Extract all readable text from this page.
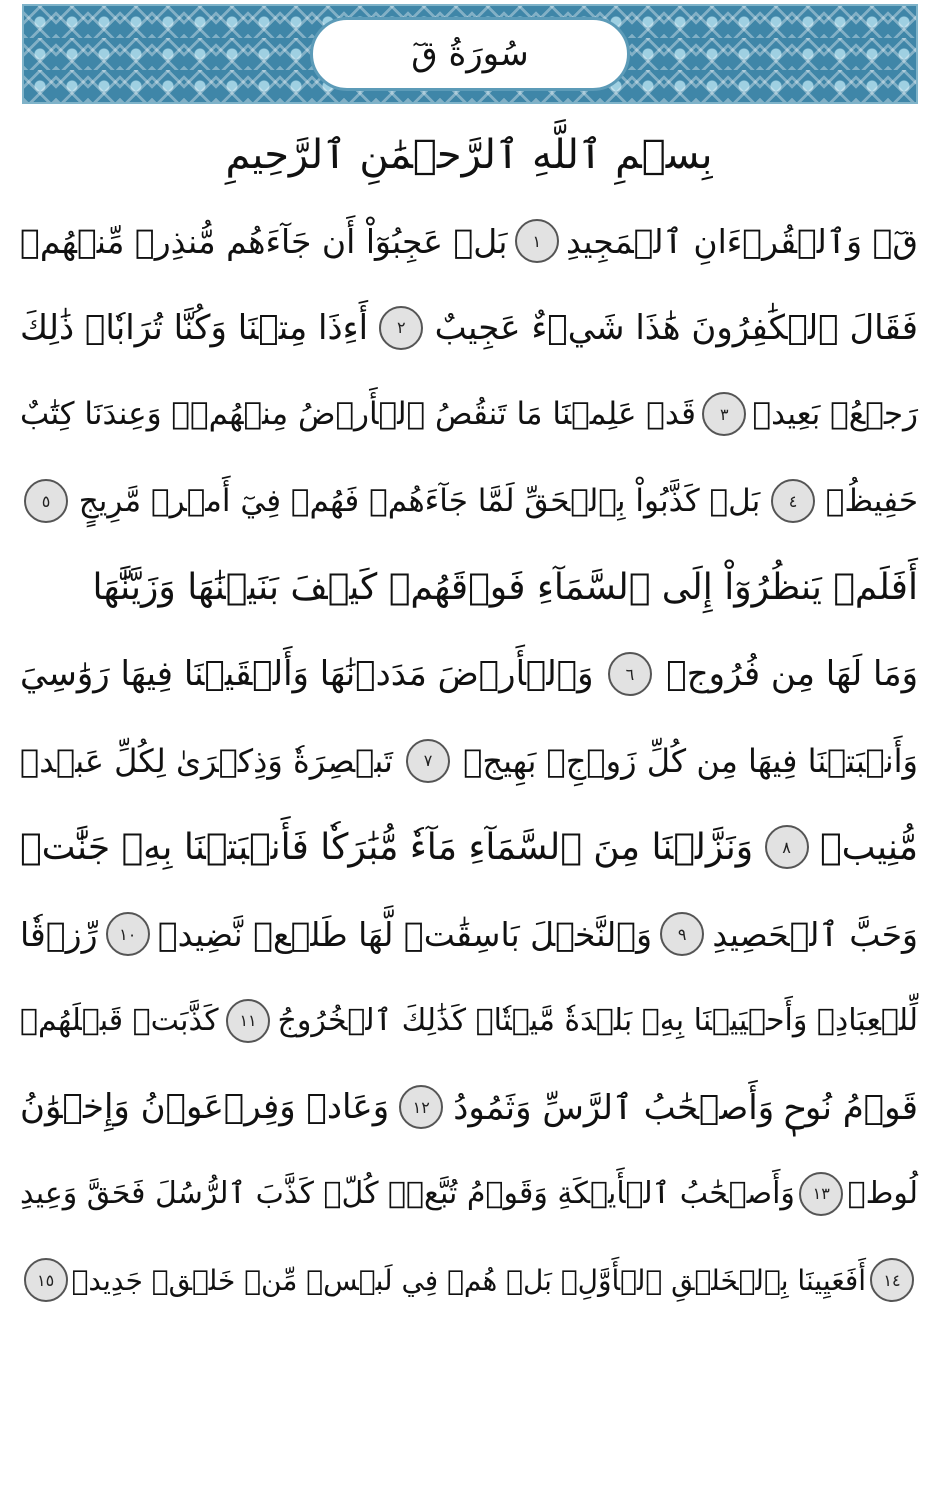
سُورَةُ قٓ
بِسۡمِ ٱللَّهِ ٱلرَّحۡمَٰنِ ٱلرَّحِيمِ
قٓۚ وَٱلۡقُرۡءَانِ ٱلۡمَجِيدِ
١
بَلۡ عَجِبُوٓاْ أَن جَآءَهُم مُّنذِرٞ مِّنۡهُمۡ
فَقَالَ ٱلۡكَٰفِرُونَ هَٰذَا شَيۡءٌ عَجِيبٌ
٢
أَءِذَا مِتۡنَا وَكُنَّا تُرَابٗاۖ ذَٰلِكَ
رَجۡعُۢ بَعِيدٞ
٣
قَدۡ عَلِمۡنَا مَا تَنقُصُ ٱلۡأَرۡضُ مِنۡهُمۡۖ وَعِندَنَا كِتَٰبٌ
حَفِيظُۢ
٤
بَلۡ كَذَّبُواْ بِٱلۡحَقِّ لَمَّا جَآءَهُمۡ فَهُمۡ فِيٓ أَمۡرٖ مَّرِيجٍ
٥
أَفَلَمۡ يَنظُرُوٓاْ إِلَى ٱلسَّمَآءِ فَوۡقَهُمۡ كَيۡفَ بَنَيۡنَٰهَا وَزَيَّنَّٰهَا
وَمَا لَهَا مِن فُرُوجٖ
٦
وَٱلۡأَرۡضَ مَدَدۡنَٰهَا وَأَلۡقَيۡنَا فِيهَا رَوَٰسِيَ
وَأَنۢبَتۡنَا فِيهَا مِن كُلِّ زَوۡجِۢ بَهِيجٖ
٧
تَبۡصِرَةٗ وَذِكۡرَىٰ لِكُلِّ عَبۡدٖ
مُّنِيبٖ
٨
وَنَزَّلۡنَا مِنَ ٱلسَّمَآءِ مَآءٗ مُّبَٰرَكٗا فَأَنۢبَتۡنَا بِهِۦ جَنَّٰتٖ
وَحَبَّ ٱلۡحَصِيدِ
٩
وَٱلنَّخۡلَ بَاسِقَٰتٖ لَّهَا طَلۡعٞ نَّضِيدٞ
١٠
رِّزۡقٗا
لِّلۡعِبَادِۖ وَأَحۡيَيۡنَا بِهِۦ بَلۡدَةٗ مَّيۡتٗاۚ كَذَٰلِكَ ٱلۡخُرُوجُ
١١
كَذَّبَتۡ قَبۡلَهُمۡ
قَوۡمُ نُوحٖ وَأَصۡحَٰبُ ٱلرَّسِّ وَثَمُودُ
١٢
وَعَادٞ وَفِرۡعَوۡنُ وَإِخۡوَٰنُ
لُوطٖ
١٣
وَأَصۡحَٰبُ ٱلۡأَيۡكَةِ وَقَوۡمُ تُبَّعٖۚ كُلّٞ كَذَّبَ ٱلرُّسُلَ فَحَقَّ وَعِيدِ
١٤
أَفَعَيِينَا بِٱلۡخَلۡقِ ٱلۡأَوَّلِۚ بَلۡ هُمۡ فِي لَبۡسٖ مِّنۡ خَلۡقٖ جَدِيدٖ
١٥
